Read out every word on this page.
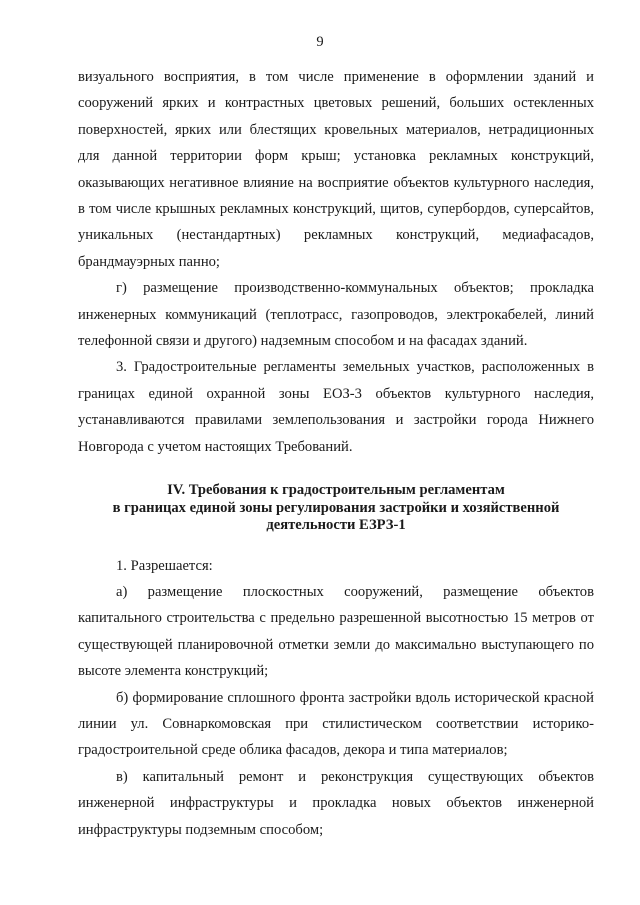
9

визуального восприятия, в том числе применение в оформлении зданий и сооружений ярких и контрастных цветовых решений, больших остекленных поверхностей, ярких или блестящих кровельных материалов, нетрадиционных для данной территории форм крыш; установка рекламных конструкций, оказывающих негативное влияние на восприятие объектов культурного наследия, в том числе крышных рекламных конструкций, щитов, супербордов, суперсайтов, уникальных (нестандартных) рекламных конструкций, медиафасадов, брандмауэрных панно;

г) размещение производственно-коммунальных объектов; прокладка инженерных коммуникаций (теплотрасс, газопроводов, электрокабелей, линий телефонной связи и другого) надземным способом и на фасадах зданий.

3. Градостроительные регламенты земельных участков, расположенных в границах единой охранной зоны ЕОЗ-3 объектов культурного наследия, устанавливаются правилами землепользования и застройки города Нижнего Новгорода с учетом настоящих Требований.

IV. Требования к градостроительным регламентам
в границах единой зоны регулирования застройки и хозяйственной
деятельности ЕЗРЗ-1

1. Разрешается:

а) размещение плоскостных сооружений, размещение объектов капитального строительства с предельно разрешенной высотностью 15 метров от существующей планировочной отметки земли до максимально выступающего по высоте элемента конструкций;

б) формирование сплошного фронта застройки вдоль исторической красной линии ул. Совнаркомовская при стилистическом соответствии историко-градостроительной среде облика фасадов, декора и типа материалов;

в) капитальный ремонт и реконструкция существующих объектов инженерной инфраструктуры и прокладка новых объектов инженерной инфраструктуры подземным способом;
